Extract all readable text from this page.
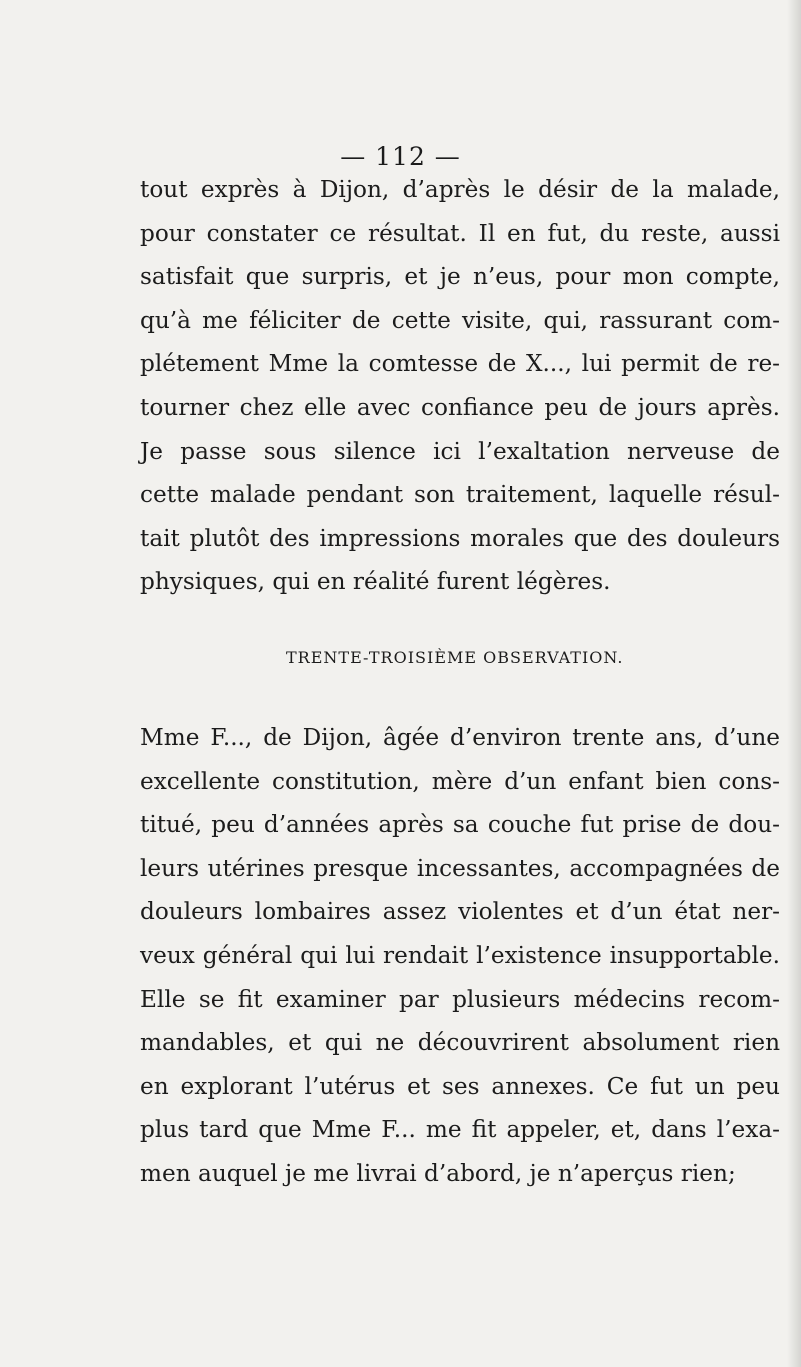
— 112 —
tout exprès à Dijon, d’après le désir de la malade,
pour constater ce résultat. Il en fut, du reste, aussi
satisfait que surpris, et je n’eus, pour mon compte,
qu’à me féliciter de cette visite, qui, rassurant com-
plétement Mme la comtesse de X..., lui permit de re-
tourner chez elle avec confiance peu de jours après.
Je passe sous silence ici l’exaltation nerveuse de
cette malade pendant son traitement, laquelle résul-
tait plutôt des impressions morales que des douleurs
physiques, qui en réalité furent légères.
TRENTE-TROISIÈME OBSERVATION.
Mme F..., de Dijon, âgée d’environ trente ans, d’une
excellente constitution, mère d’un enfant bien cons-
titué, peu d’années après sa couche fut prise de dou-
leurs utérines presque incessantes, accompagnées de
douleurs lombaires assez violentes et d’un état ner-
veux général qui lui rendait l’existence insupportable.
Elle se fit examiner par plusieurs médecins recom-
mandables, et qui ne découvrirent absolument rien
en explorant l’utérus et ses annexes. Ce fut un peu
plus tard que Mme F... me fit appeler, et, dans l’exa-
men auquel je me livrai d’abord, je n’aperçus rien;
